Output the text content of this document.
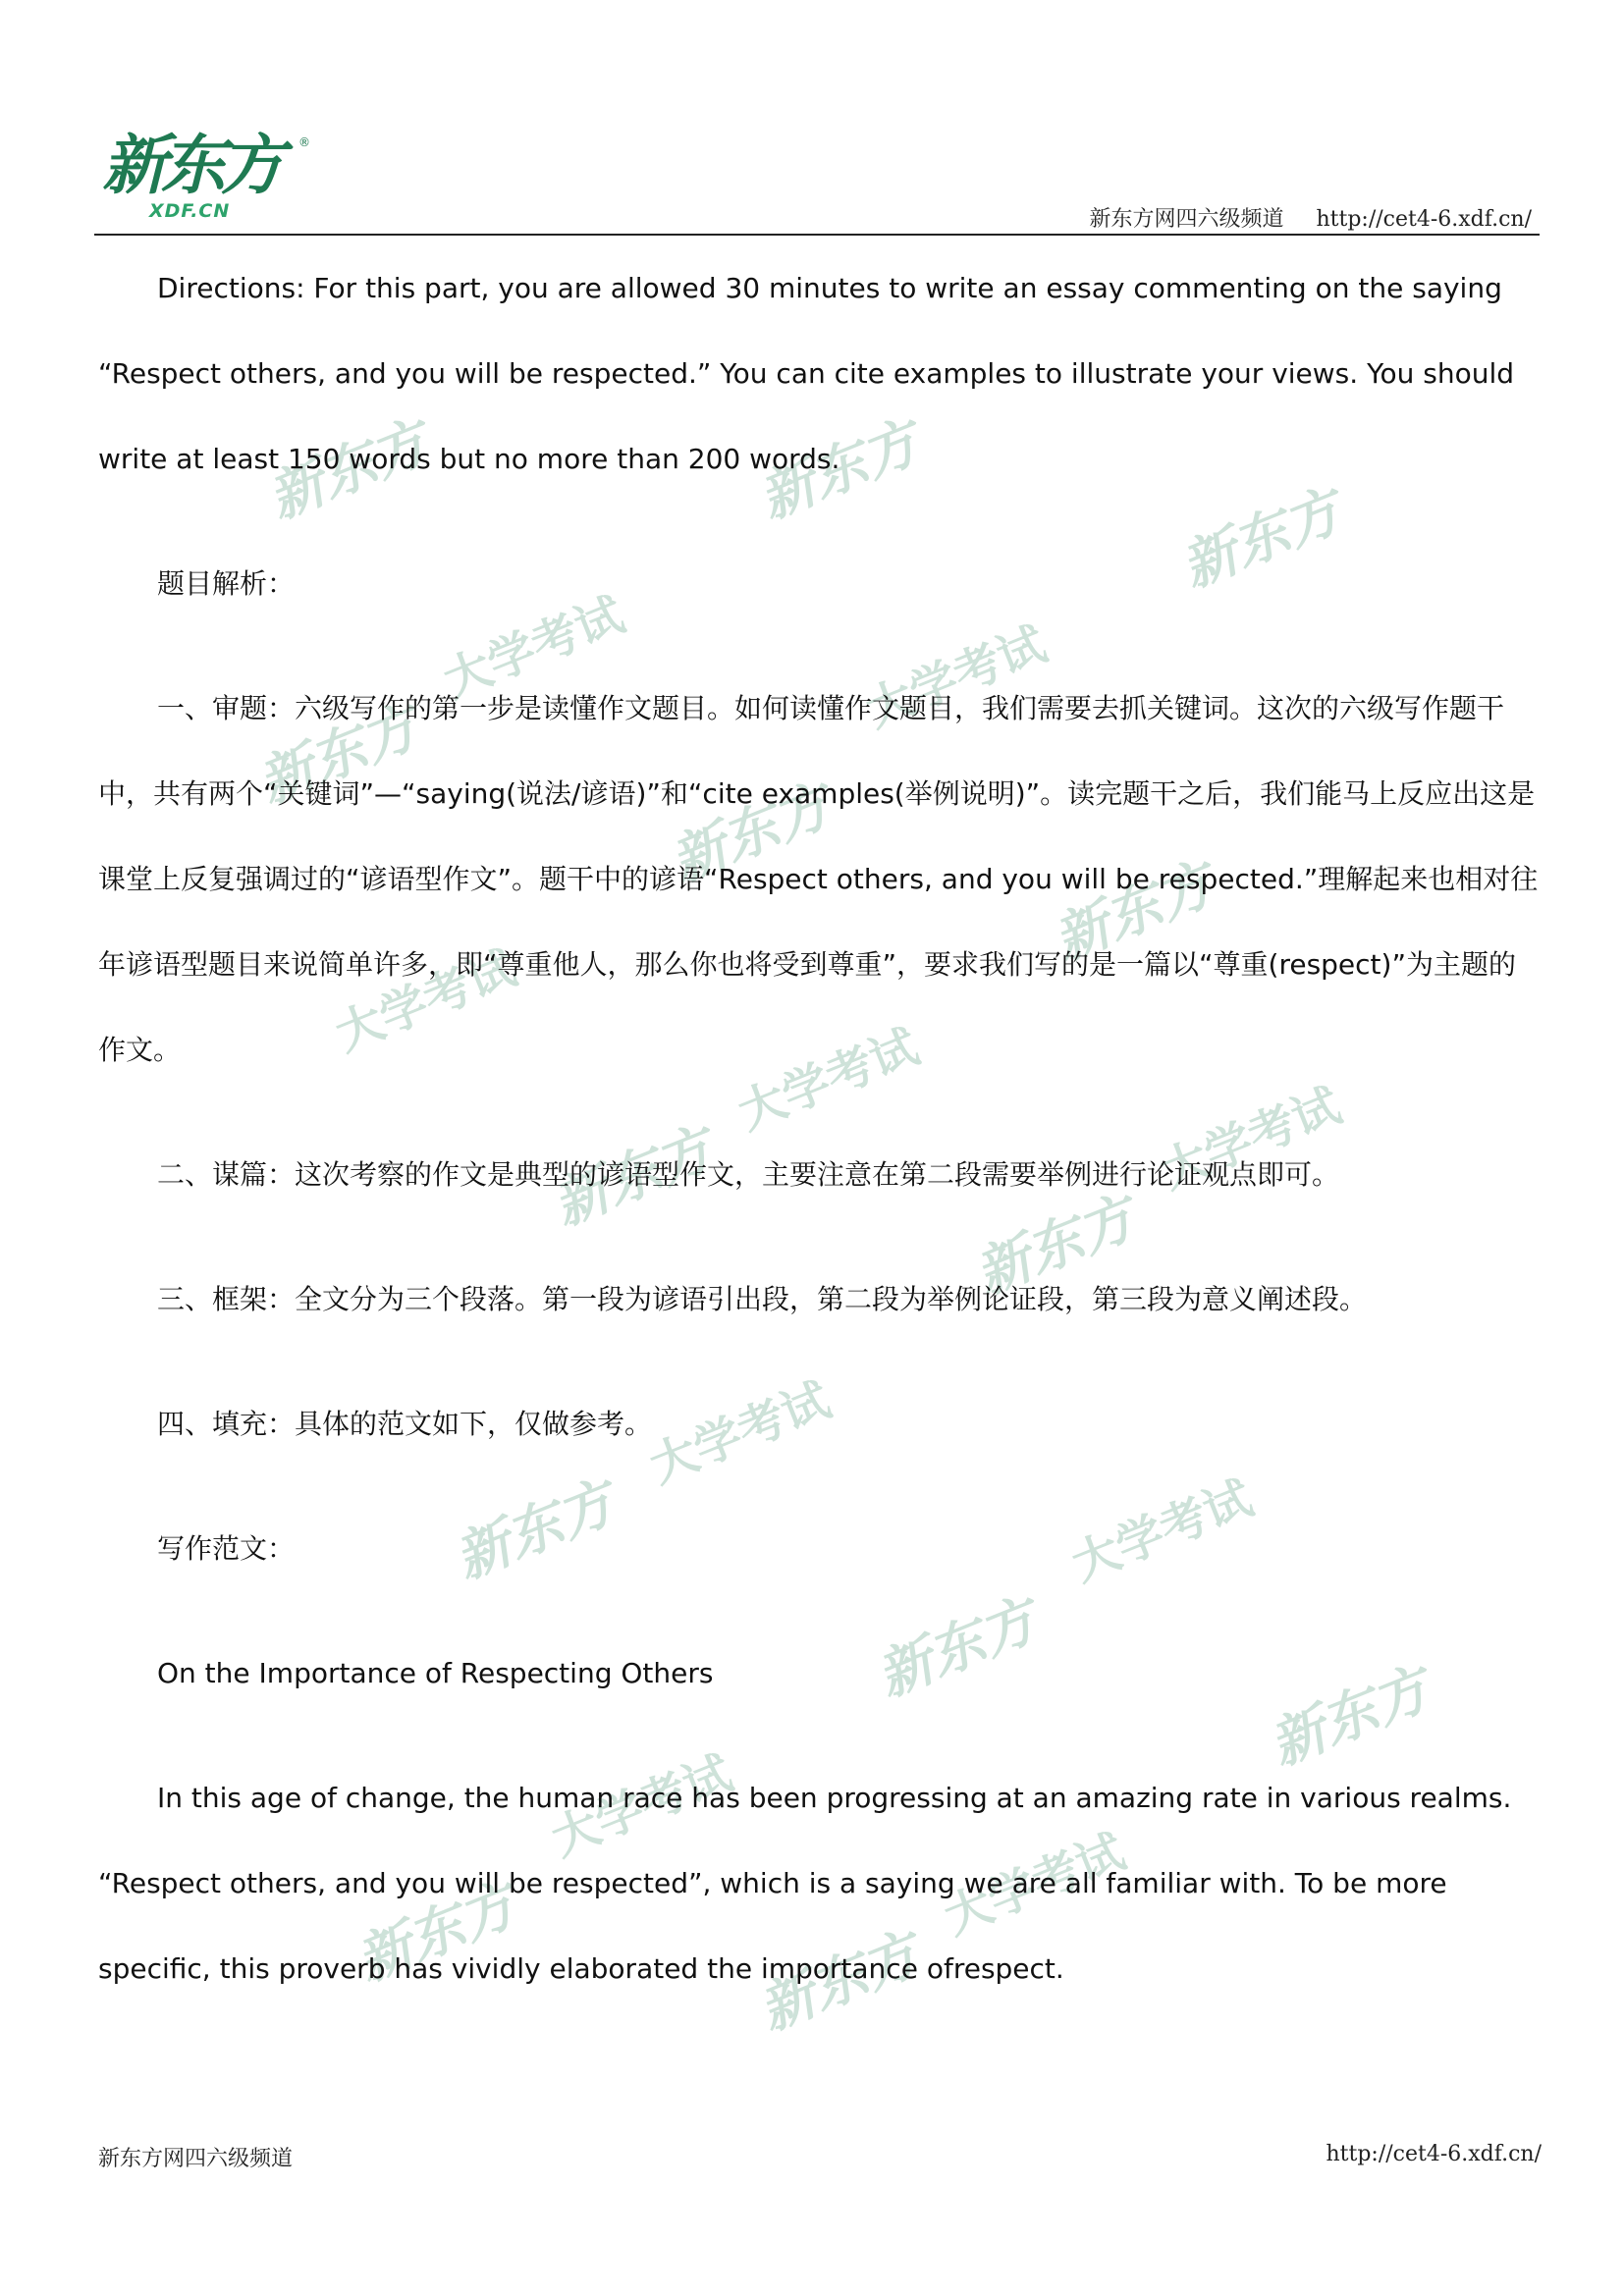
新东方	新东方
新东方
大学考试	大学考试
新东方
新东方
新东方
大学考试
大学考试	大学考试
新东方
新东方
大学考试
新东方	大学考试
新东方
新东方
大学考试
大学考试
新东方	新东方
新东方
XDF.CN
®
新东方网四六级频道 http://cet4-6.xdf.cn/

Directions: For this part, you are allowed 30 minutes to write an essay commenting on the saying “Respect others, and you will be respected.” You can cite examples to illustrate your views. You should write at least 150 words but no more than 200 words.

题目解析：

一、审题：六级写作的第一步是读懂作文题目。如何读懂作文题目，我们需要去抓关键词。这次的六级写作题干中，共有两个“关键词”—“saying(说法/谚语)”和“cite examples(举例说明)”。读完题干之后，我们能马上反应出这是课堂上反复强调过的“谚语型作文”。题干中的谚语“Respect others, and you will be respected.”理解起来也相对往年谚语型题目来说简单许多，即“尊重他人，那么你也将受到尊重”，要求我们写的是一篇以“尊重(respect)”为主题的作文。

二、谋篇：这次考察的作文是典型的谚语型作文，主要注意在第二段需要举例进行论证观点即可。

三、框架：全文分为三个段落。第一段为谚语引出段，第二段为举例论证段，第三段为意义阐述段。

四、填充：具体的范文如下，仅做参考。

写作范文：

On the Importance of Respecting Others

In this age of change, the human race has been progressing at an amazing rate in various realms. “Respect others, and you will be respected”, which is a saying we are all familiar with. To be more specific, this proverb has vividly elaborated the importance ofrespect.

新东方网四六级频道	http://cet4-6.xdf.cn/
